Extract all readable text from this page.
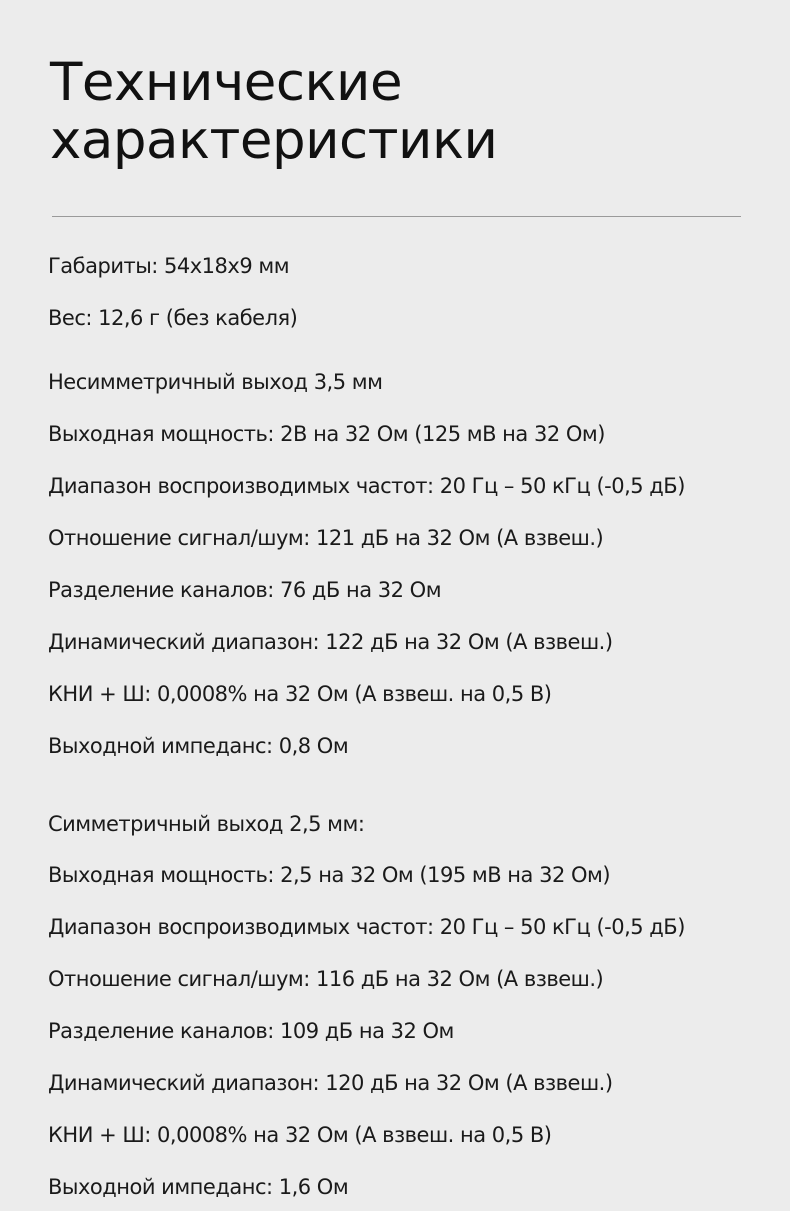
Технические
характеристики

Габариты: 54x18x9 мм

Вес: 12,6 г (без кабеля)

Несимметричный выход 3,5 мм

Выходная мощность: 2В на 32 Ом (125 мВ на 32 Ом)

Диапазон воспроизводимых частот: 20 Гц – 50 кГц (-0,5 дБ)

Отношение сигнал/шум: 121 дБ на 32 Ом (А взвеш.)

Разделение каналов: 76 дБ на 32 Ом

Динамический диапазон: 122 дБ на 32 Ом (А взвеш.)

КНИ + Ш: 0,0008% на 32 Ом (А взвеш. на 0,5 В)

Выходной импеданс: 0,8 Ом

Симметричный выход 2,5 мм:

Выходная мощность: 2,5 на 32 Ом (195 мВ на 32 Ом)

Диапазон воспроизводимых частот: 20 Гц – 50 кГц (-0,5 дБ)

Отношение сигнал/шум: 116 дБ на 32 Ом (А взвеш.)

Разделение каналов: 109 дБ на 32 Ом

Динамический диапазон: 120 дБ на 32 Ом (А взвеш.)

КНИ + Ш: 0,0008% на 32 Ом (А взвеш. на 0,5 В)

Выходной импеданс: 1,6 Ом
